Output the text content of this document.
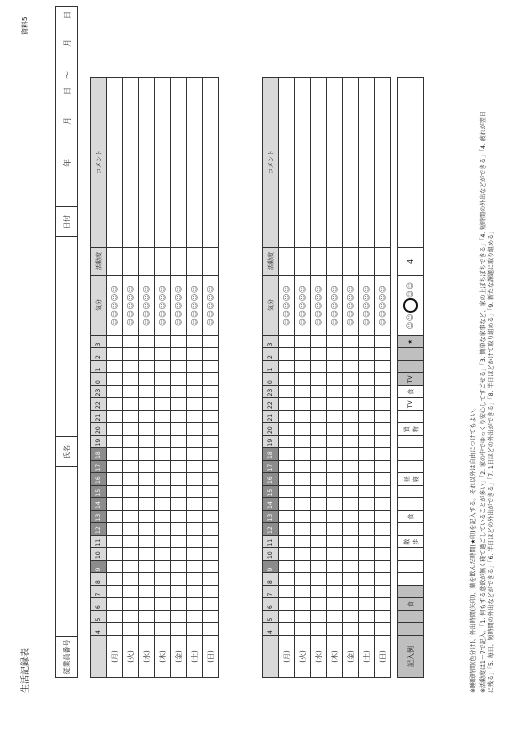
生活記録表
資料5
従業員番号
氏名
日付
年
月
日
～
月
日
	4	5	6	7	8	9	10	11	12	13	14	15	16	17	18	19	20	21	22	23	0	1	2	3	気分	活動度	コメント
(月)																									☺☺☺☺☺		
(火)																									☺☺☺☺☺		
(水)																									☺☺☺☺☺		
(木)																									☺☺☺☺☺		
(金)																									☺☺☺☺☺		
(土)																									☺☺☺☺☺		
(日)																									☺☺☺☺☺		
	4	5	6	7	8	9	10	11	12	13	14	15	16	17	18	19	20	21	22	23	0	1	2	3	気分	活動度	コメント
(月)																									☺☺☺☺☺		
(火)																									☺☺☺☺☺		
(水)																									☺☺☺☺☺		
(木)																									☺☺☺☺☺		
(金)																									☺☺☺☺☺		
(土)																									☺☺☺☺☺		
(日)																									☺☺☺☺☺		

記入例			食					散歩		食			昼寝				買物		TV	食	TV			★	☺☺☺☺	4	
※睡眠時間(色分け)、外出時間(矢印)、薬を飲んだ時間(★印)を記入する。それ以外は自由につけてもよい。 ※活動度は1～7で記入。「1. 何もする意欲が無く寝て過ごしていることが多い」「2. 家の中でゆっくり安心してすごせる」「3. 簡単な家事など、家の上ぼちぼちできる」「4. 短時間の外出などができる」「4. 疲れが翌日 に残る」「5. 毎日、短時間の外出などができる」「6. 半日ほどの外出ができる」「7. 1日ほどの外出ができる」「8. 半日ほどかけて取り組める」「9. 新たな課題に取り組める」
